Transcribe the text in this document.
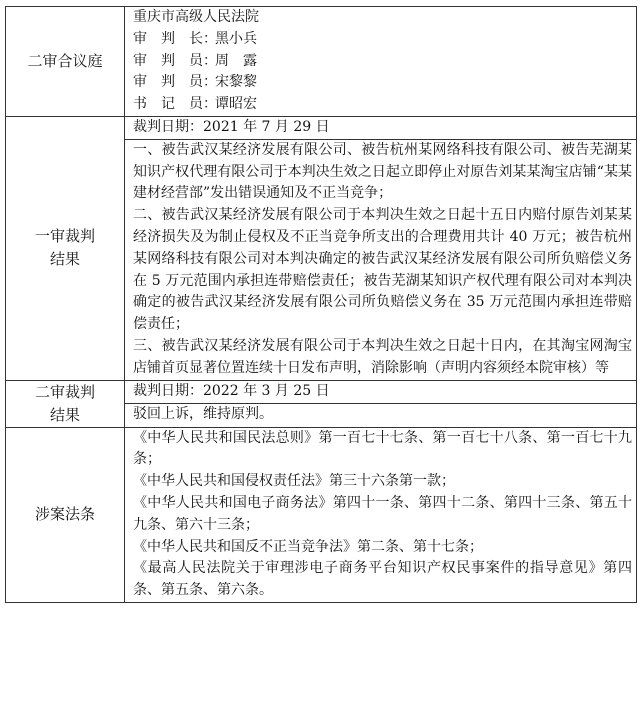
二审合议庭	重庆市高级人民法院
审　判　长：黑小兵
审　判　员：周　露
审　判　员：宋黎黎
书　记　员：谭昭宏

一审裁判
结果	裁判日期：2021 年 7 月 29 日

	一、被告武汉某经济发展有限公司、被告杭州某网络科技有限公司、被告芜湖某知识产权代理有限公司于本判决生效之日起立即停止对原告刘某某淘宝店铺“某某建材经营部”发出错误通知及不正当竞争；
二、被告武汉某经济发展有限公司于本判决生效之日起十五日内赔付原告刘某某经济损失及为制止侵权及不正当竞争所支出的合理费用共计 40 万元；被告杭州某网络科技有限公司对本判决确定的被告武汉某经济发展有限公司所负赔偿义务在 5 万元范围内承担连带赔偿责任；被告芜湖某知识产权代理有限公司对本判决确定的被告武汉某经济发展有限公司所负赔偿义务在 35 万元范围内承担连带赔偿责任；
三、被告武汉某经济发展有限公司于本判决生效之日起十日内，在其淘宝网淘宝店铺首页显著位置连续十日发布声明，消除影响（声明内容须经本院审核）等

二审裁判
结果	裁判日期：2022 年 3 月 25 日
	驳回上诉，维持原判。
涉案法条	《中华人民共和国民法总则》第一百七十七条、第一百七十八条、第一百七十九条；
《中华人民共和国侵权责任法》第三十六条第一款；
《中华人民共和国电子商务法》第四十一条、第四十二条、第四十三条、第五十九条、第六十三条；
《中华人民共和国反不正当竞争法》第二条、第十七条；
《最高人民法院关于审理涉电子商务平台知识产权民事案件的指导意见》第四条、第五条、第六条。
